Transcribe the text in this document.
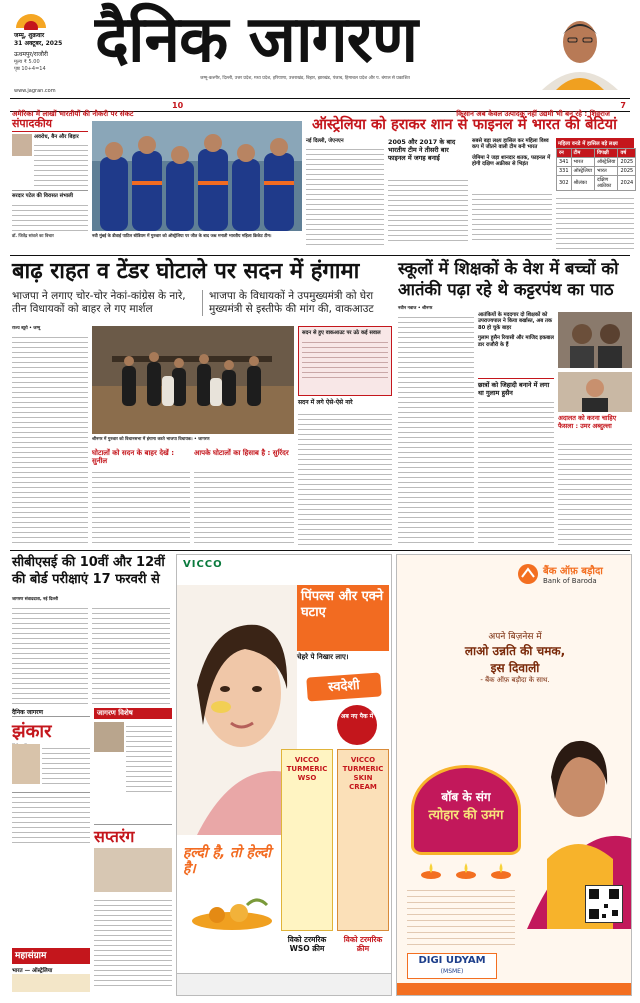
जम्मू, शुक्रवार
31 अक्टूबर, 2025
ऊधमपुर/राजौरी
मूल्य ₹ 5.00
पृष्ठ 10+4=14 दैनिक जागरण
जम्मू-कश्मीर, दिल्ली, उत्तर प्रदेश, मध्य प्रदेश, हरियाणा, उत्तराखंड, बिहार, झारखंड, पंजाब, हिमाचल प्रदेश और प. बंगाल से प्रकाशित
www.jagran.com
अमेरिका में लाखों भारतीयों की नौकरी पर संकट
10
किसान अब केवल उत्पादक नहीं उद्यमी भी बन रहे : शिवराज
7
संपादकीय
अवरोध, बैन और बिहार
सरदार पटेल की विरासत संभाली
डॉ. जितेंद्र सांवले का विचार
ऑस्ट्रेलिया को हराकर शान से फाइनल में भारत की बेटियां
नवी मुंबई के डीवाई पाटिल स्टेडियम में गुरुवार को ऑस्ट्रेलिया पर जीत के बाद जश्न मनाती भारतीय महिला क्रिकेट टीम।
नई दिल्ली, जेएनएन	2005 और 2017 के बाद भारतीय टीम ने तीसरी बार फाइनल में जगह बनाई
सबसे बड़ा लक्ष्य हासिल कर महिला विश्व कप में जीतने वाली टीम बनी भारत
जेमिमा ने जड़ा शानदार शतक, फाइनल में होगी दक्षिण अफ्रीका से भिड़ंत
महिला वनडे में हासिल बड़े लक्ष्य
रन	टीम	विपक्षी	वर्ष
341	भारत	ऑस्ट्रेलिया	2025
331	ऑस्ट्रेलिया	भारत	2025
302	श्रीलंका	दक्षिण अफ्रीका	2024
बाढ़ राहत व टेंडर घोटाले पर सदन में हंगामा
भाजपा ने लगाए चोर-चोर नेकां-कांग्रेस के नारे, तीन विधायकों को बाहर ले गए मार्शल
भाजपा के विधायकों ने उपमुख्यमंत्री को घेरा मुख्यमंत्री से इस्तीफे की मांग की, वाकआउट
राज्य ब्यूरो • जम्मू
श्रीनगर में गुरुवार को विधानसभा में हंगामा करते भाजपा विधायक। • जागरण
सदन से हुए वाकआउट पर उठे कई सवाल
सदन में लगे ऐसे-ऐसे नारे
घोटालों को सदन के बाहर देखें : सुनील
आपके घोटालों का हिसाब है : सुरिंदर
स्कूलों में शिक्षकों के वेश में बच्चों को आतंकी पढ़ा रहे थे कट्टरपंथ का पाठ
नवीन नवाज • श्रीनगर
आतंकियों के मददगार दो शिक्षकों को उपराज्यपाल ने किया बर्खास्त, अब तक 80 हो चुके बाहर
गुलाम हुसैन रियासी और माजिद इकबाल डार राजौरी के हैं
छात्रों को जिहादी बनाने में लगा था गुलाम हुसैन
अदालत को करना चाहिए फैसला : उमर अब्दुल्ला
सीबीएसई की 10वीं और 12वीं की बोर्ड परीक्षाएं 17 फरवरी से
जागरण संवाददाता, नई दिल्ली
दैनिक जागरण
झंकार
महासंग्राम
भारत — ऑस्ट्रेलिया
जागरण विशेष
सप्तरंग
VICCO
पिंपल्स और एक्ने घटाए
चेहरे पे निखार लाए।
स्वदेशी
अब नए पैक में
VICCO TURMERIC WSO
VICCO TURMERIC SKIN CREAM
हल्दी है, तो हेल्दी है।
विको टरमरिक WSO क्रीम
विको टरमरिक क्रीम
बैंक ऑफ़ बड़ौदा
Bank of Baroda
अपने बिज़नेस में
लाओ उन्नति की चमक,
इस दिवाली
- बैंक ऑफ़ बड़ौदा के साथ.
बॉब के संग
त्योहार की उमंग
DIGI UDYAM
(MSME)
